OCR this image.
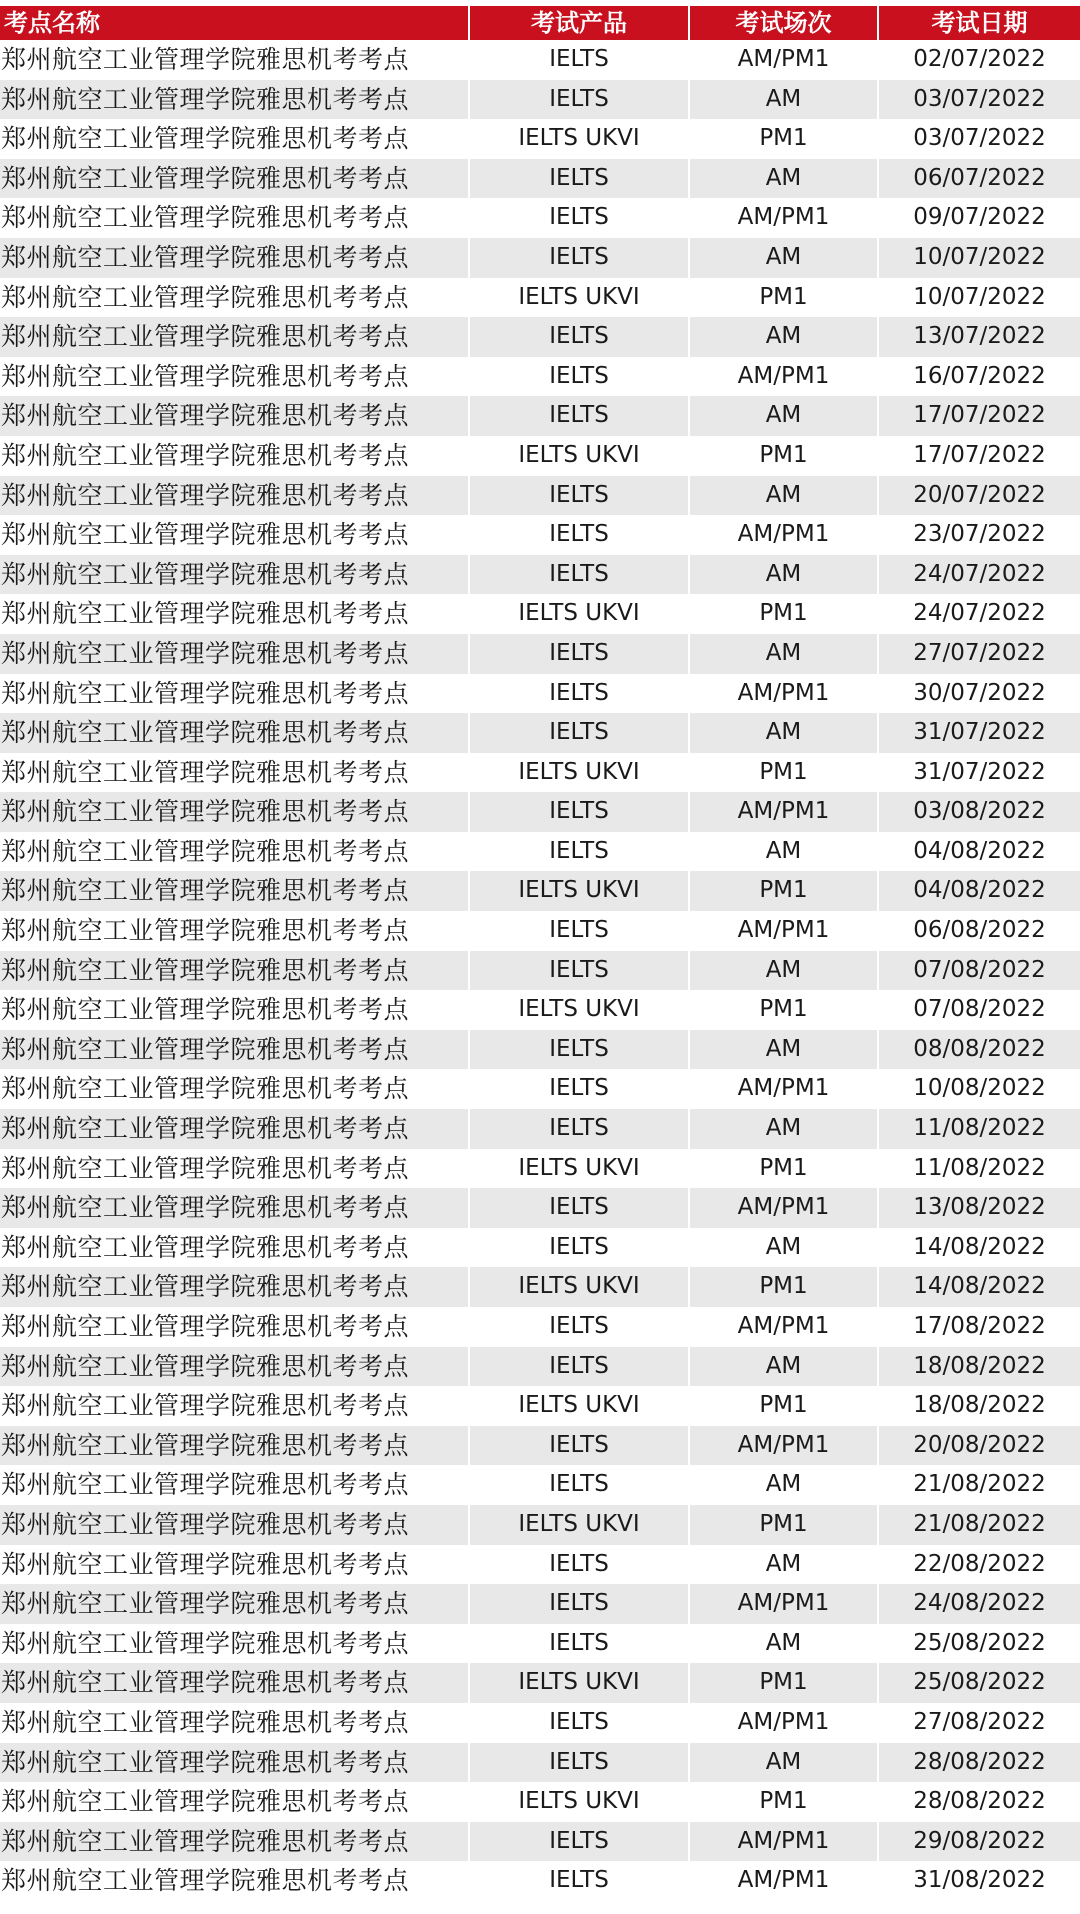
考点名称	考试产品	考试场次	考试日期
郑州航空工业管理学院雅思机考考点	IELTS	AM/PM1	02/07/2022
郑州航空工业管理学院雅思机考考点	IELTS	AM	03/07/2022
郑州航空工业管理学院雅思机考考点	IELTS UKVI	PM1	03/07/2022
郑州航空工业管理学院雅思机考考点	IELTS	AM	06/07/2022
郑州航空工业管理学院雅思机考考点	IELTS	AM/PM1	09/07/2022
郑州航空工业管理学院雅思机考考点	IELTS	AM	10/07/2022
郑州航空工业管理学院雅思机考考点	IELTS UKVI	PM1	10/07/2022
郑州航空工业管理学院雅思机考考点	IELTS	AM	13/07/2022
郑州航空工业管理学院雅思机考考点	IELTS	AM/PM1	16/07/2022
郑州航空工业管理学院雅思机考考点	IELTS	AM	17/07/2022
郑州航空工业管理学院雅思机考考点	IELTS UKVI	PM1	17/07/2022
郑州航空工业管理学院雅思机考考点	IELTS	AM	20/07/2022
郑州航空工业管理学院雅思机考考点	IELTS	AM/PM1	23/07/2022
郑州航空工业管理学院雅思机考考点	IELTS	AM	24/07/2022
郑州航空工业管理学院雅思机考考点	IELTS UKVI	PM1	24/07/2022
郑州航空工业管理学院雅思机考考点	IELTS	AM	27/07/2022
郑州航空工业管理学院雅思机考考点	IELTS	AM/PM1	30/07/2022
郑州航空工业管理学院雅思机考考点	IELTS	AM	31/07/2022
郑州航空工业管理学院雅思机考考点	IELTS UKVI	PM1	31/07/2022
郑州航空工业管理学院雅思机考考点	IELTS	AM/PM1	03/08/2022
郑州航空工业管理学院雅思机考考点	IELTS	AM	04/08/2022
郑州航空工业管理学院雅思机考考点	IELTS UKVI	PM1	04/08/2022
郑州航空工业管理学院雅思机考考点	IELTS	AM/PM1	06/08/2022
郑州航空工业管理学院雅思机考考点	IELTS	AM	07/08/2022
郑州航空工业管理学院雅思机考考点	IELTS UKVI	PM1	07/08/2022
郑州航空工业管理学院雅思机考考点	IELTS	AM	08/08/2022
郑州航空工业管理学院雅思机考考点	IELTS	AM/PM1	10/08/2022
郑州航空工业管理学院雅思机考考点	IELTS	AM	11/08/2022
郑州航空工业管理学院雅思机考考点	IELTS UKVI	PM1	11/08/2022
郑州航空工业管理学院雅思机考考点	IELTS	AM/PM1	13/08/2022
郑州航空工业管理学院雅思机考考点	IELTS	AM	14/08/2022
郑州航空工业管理学院雅思机考考点	IELTS UKVI	PM1	14/08/2022
郑州航空工业管理学院雅思机考考点	IELTS	AM/PM1	17/08/2022
郑州航空工业管理学院雅思机考考点	IELTS	AM	18/08/2022
郑州航空工业管理学院雅思机考考点	IELTS UKVI	PM1	18/08/2022
郑州航空工业管理学院雅思机考考点	IELTS	AM/PM1	20/08/2022
郑州航空工业管理学院雅思机考考点	IELTS	AM	21/08/2022
郑州航空工业管理学院雅思机考考点	IELTS UKVI	PM1	21/08/2022
郑州航空工业管理学院雅思机考考点	IELTS	AM	22/08/2022
郑州航空工业管理学院雅思机考考点	IELTS	AM/PM1	24/08/2022
郑州航空工业管理学院雅思机考考点	IELTS	AM	25/08/2022
郑州航空工业管理学院雅思机考考点	IELTS UKVI	PM1	25/08/2022
郑州航空工业管理学院雅思机考考点	IELTS	AM/PM1	27/08/2022
郑州航空工业管理学院雅思机考考点	IELTS	AM	28/08/2022
郑州航空工业管理学院雅思机考考点	IELTS UKVI	PM1	28/08/2022
郑州航空工业管理学院雅思机考考点	IELTS	AM/PM1	29/08/2022
郑州航空工业管理学院雅思机考考点	IELTS	AM/PM1	31/08/2022
